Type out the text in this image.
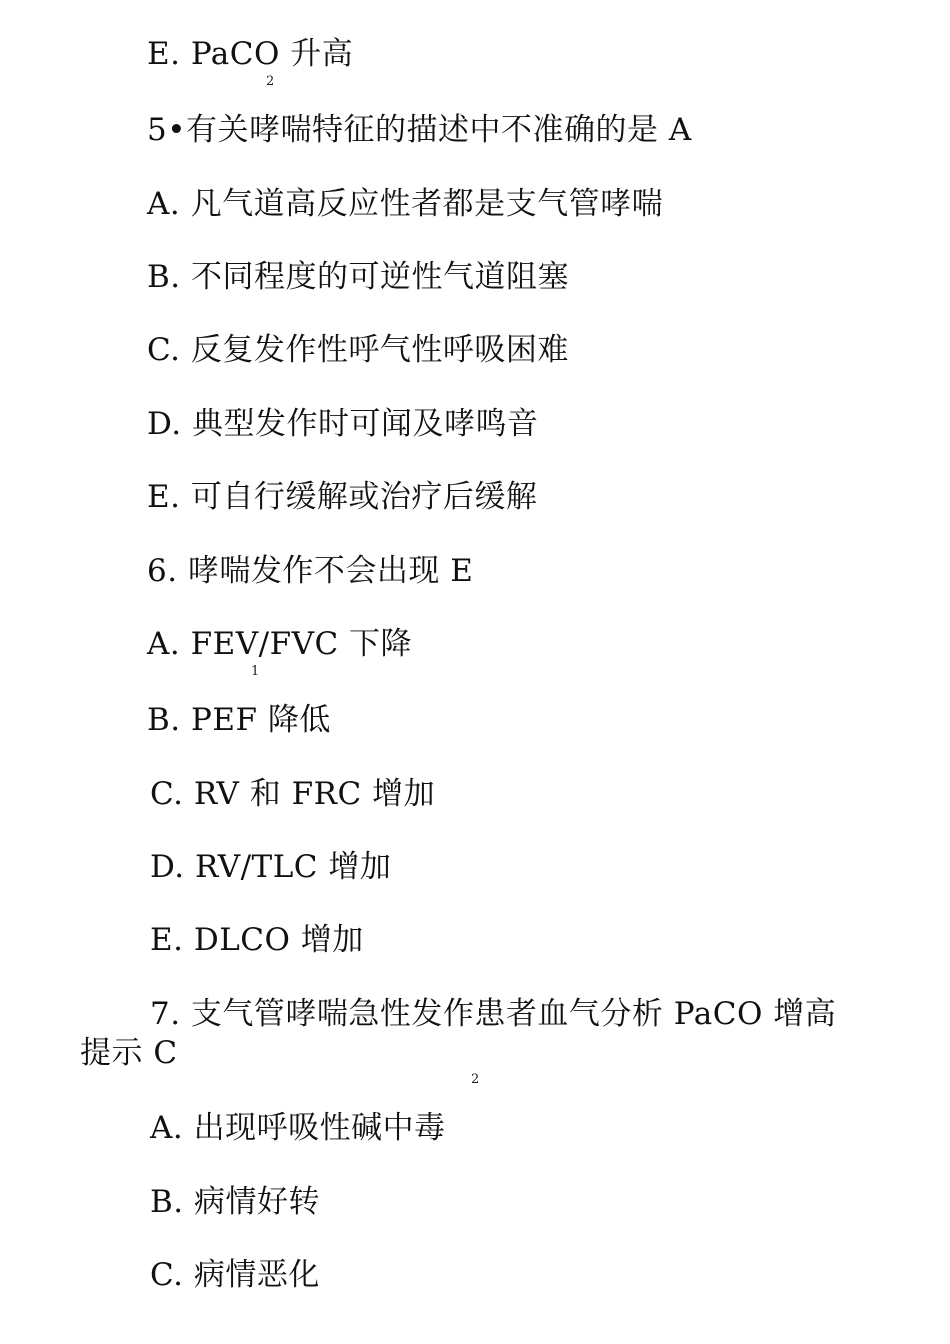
E. PaCO 升高
2
5•有关哮喘特征的描述中不准确的是 A
A. 凡气道高反应性者都是支气管哮喘
B. 不同程度的可逆性气道阻塞
C. 反复发作性呼气性呼吸困难
D. 典型发作时可闻及哮鸣音
E. 可自行缓解或治疗后缓解
6. 哮喘发作不会出现 E
A. FEV/FVC 下降
1
B. PEF 降低
C. RV 和 FRC 增加
D. RV/TLC 增加
E. DLCO 增加
7. 支气管哮喘急性发作患者血气分析 PaCO 增高
提示 C
2
A. 出现呼吸性碱中毒
B. 病情好转
C. 病情恶化
